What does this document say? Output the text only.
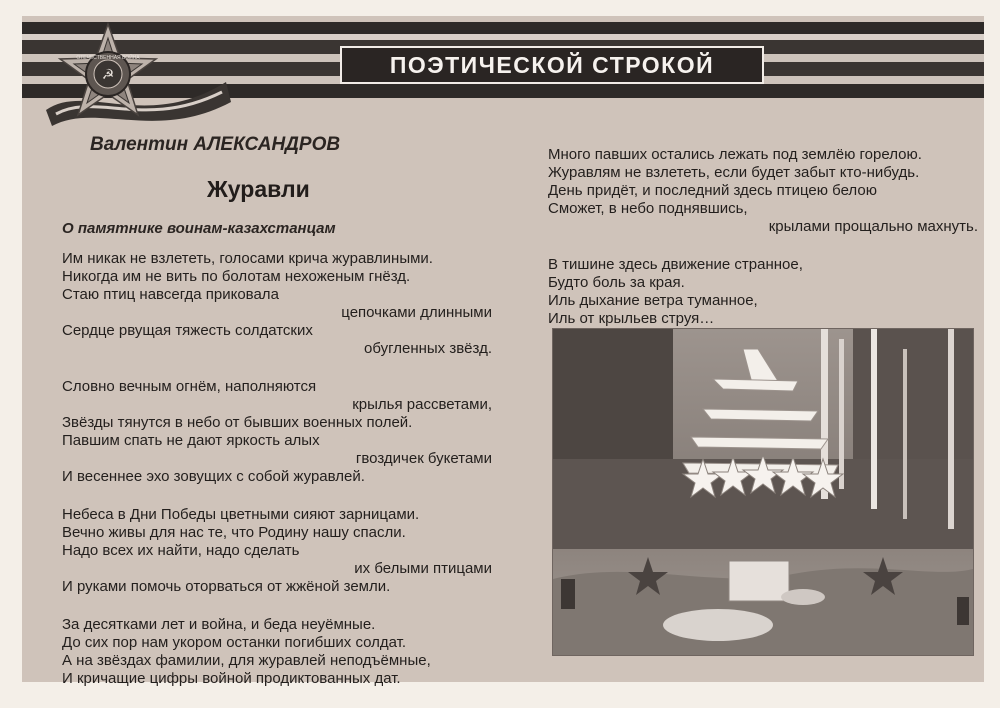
ПОЭТИЧЕСКОЙ СТРОКОЙ
ОТЕЧЕСТВЕННАЯ ВОЙНА
☭
Валентин АЛЕКСАНДРОВ
Журавли
О памятнике воинам-казахстанцам
Им никак не взлететь, голосами крича журавлиными.
Никогда им не вить по болотам нехоженым гнёзд.
Стаю птиц навсегда приковала
цепочками длинными
Сердце рвущая тяжесть солдатских
обугленных звёзд.
Словно вечным огнём, наполняются
крылья рассветами,
Звёзды тянутся в небо от бывших военных полей.
Павшим спать не дают яркость алых
гвоздичек букетами
И весеннее эхо зовущих с собой журавлей.
Небеса в Дни Победы цветными сияют зарницами.
Вечно живы для нас те, что Родину нашу спасли.
Надо всех их найти, надо сделать
их белыми птицами
И руками помочь оторваться от жжёной земли.
За десятками лет и война, и беда неуёмные.
До сих пор нам укором останки погибших солдат.
А на звёздах фамилии, для журавлей неподъёмные,
И кричащие цифры войной продиктованных дат.
Много павших остались лежать под землёю горелою.
Журавлям не взлететь, если будет забыт кто-нибудь.
День придёт, и последний здесь птицею белою
Сможет, в небо поднявшись,
крылами прощально махнуть.
В тишине здесь движение странное,
Будто боль за края.
Иль дыхание ветра туманное,
Иль от крыльев струя…
